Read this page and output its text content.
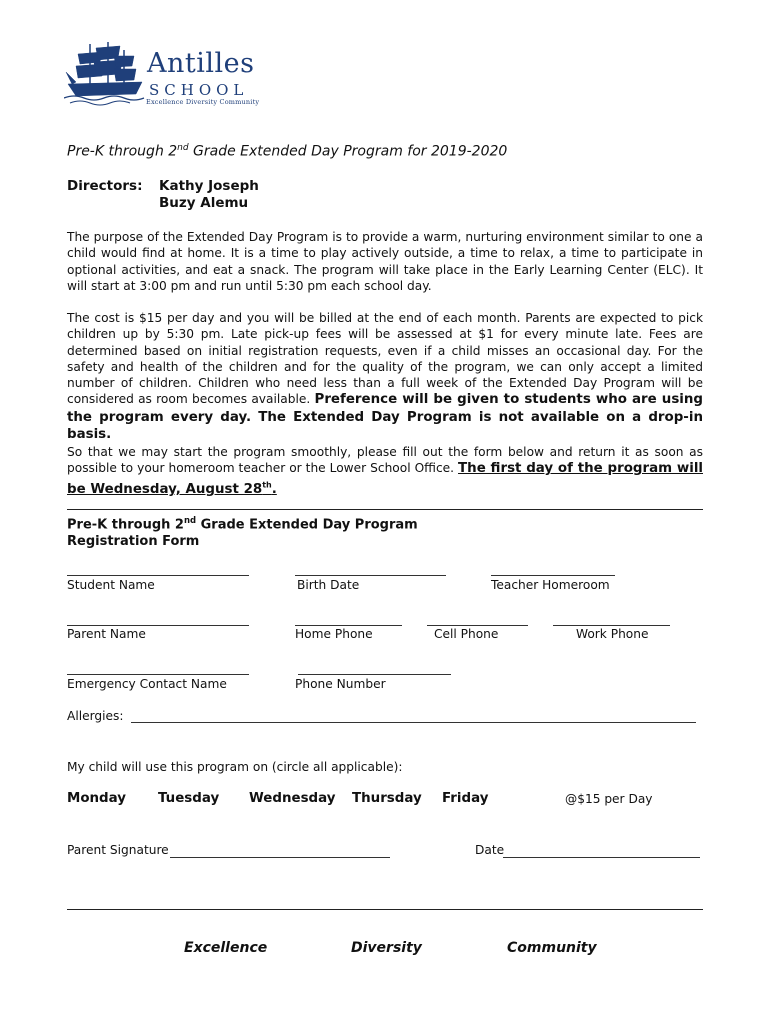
Antilles
SCHOOL
Excellence Diversity Community
Pre-K through 2nd Grade Extended Day Program for 2019-2020
Directors: Kathy Joseph
Buzy Alemu

The purpose of the Extended Day Program is to provide a warm, nurturing environment similar to one a child would find at home. It is a time to play actively outside, a time to relax, a time to participate in optional activities, and eat a snack. The program will take place in the Early Learning Center (ELC). It will start at 3:00 pm and run until 5:30 pm each school day.

The cost is $15 per day and you will be billed at the end of each month. Parents are expected to pick children up by 5:30 pm. Late pick-up fees will be assessed at $1 for every minute late. Fees are determined based on initial registration requests, even if a child misses an occasional day. For the safety and health of the children and for the quality of the program, we can only accept a limited number of children. Children who need less than a full week of the Extended Day Program will be considered as room becomes available. Preference will be given to students who are using the program every day. The Extended Day Program is not available on a drop-in basis.

So that we may start the program smoothly, please fill out the form below and return it as soon as possible to your homeroom teacher or the Lower School Office. The first day of the program will be Wednesday, August 28th.

Pre-K through 2nd Grade Extended Day Program
Registration Form
Student Name	Birth Date	Teacher Homeroom
Parent Name	Home Phone	Cell Phone	Work Phone
Emergency Contact Name	Phone Number
Allergies:
My child will use this program on (circle all applicable):
Monday Tuesday Wednesday Thursday Friday	@$15 per Day
Parent Signature	Date
Excellence	Diversity	Community
